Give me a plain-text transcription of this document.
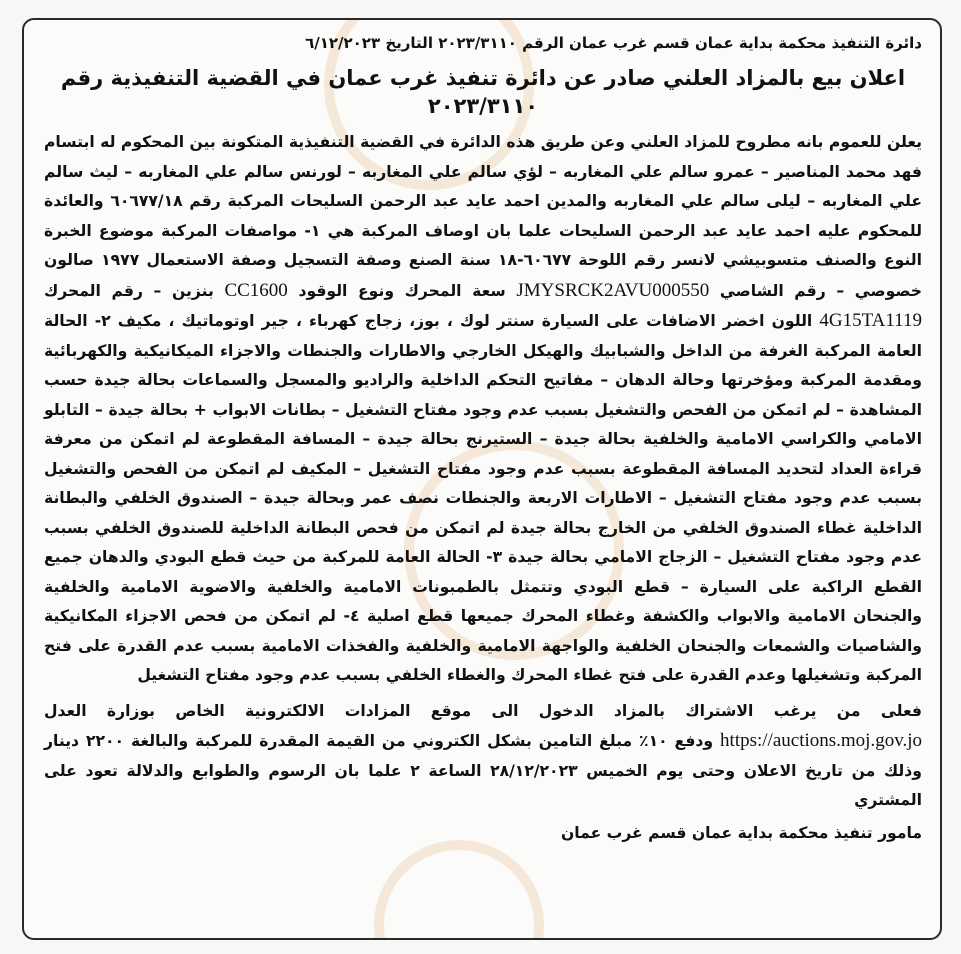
دائرة التنفيذ محكمة بداية عمان قسم غرب عمان الرقم ٢٠٢٣/٣١١٠ التاريخ ٦/١٢/٢٠٢٣

اعلان بيع بالمزاد العلني صادر عن دائرة تنفيذ غرب عمان في القضية التنفيذية رقم ٢٠٢٣/٣١١٠

يعلن للعموم بانه مطروح للمزاد العلني وعن طريق هذه الدائرة في القضية التنفيذية المتكونة بين المحكوم له ابتسام فهد محمد المناصير – عمرو سالم علي المغاربه – لؤي سالم علي المغاربه – لورنس سالم علي المغاربه – ليث سالم علي المغاربه – ليلى سالم علي المغاربه والمدين احمد عايد عبد الرحمن السليحات المركبة رقم ٦٠٦٧٧/١٨ والعائدة للمحكوم عليه احمد عايد عبد الرحمن السليحات علما بان اوصاف المركبة هي ١- مواصفات المركبة موضوع الخبرة النوع والصنف متسوبيشي لانسر رقم اللوحة ٦٠٦٧٧-١٨ سنة الصنع وصفة التسجيل وصفة الاستعمال ١٩٧٧ صالون خصوصي – رقم الشاصي JMYSRCK2AVU000550 سعة المحرك ونوع الوقود CC1600 بنزين – رقم المحرك 4G15TA1119 اللون اخضر الاضافات على السيارة سنتر لوك ، بوز، زجاج كهرباء ، جير اوتوماتيك ، مكيف ٢- الحالة العامة المركبة الغرفة من الداخل والشبابيك والهيكل الخارجي والاطارات والجنطات والاجزاء الميكانيكية والكهربائية ومقدمة المركبة ومؤخرتها وحالة الدهان – مفاتيح التحكم الداخلية والراديو والمسجل والسماعات بحالة جيدة حسب المشاهدة – لم اتمكن من الفحص والتشغيل بسبب عدم وجود مفتاح التشغيل – بطانات الابواب + بحالة جيدة – التابلو الامامي والكراسي الامامية والخلفية بحالة جيدة – الستيرنج بحالة جيدة – المسافة المقطوعة لم اتمكن من معرفة قراءة العداد لتحديد المسافة المقطوعة بسبب عدم وجود مفتاح التشغيل – المكيف لم اتمكن من الفحص والتشغيل بسبب عدم وجود مفتاح التشغيل – الاطارات الاربعة والجنطات نصف عمر وبحالة جيدة – الصندوق الخلفي والبطانة الداخلية غطاء الصندوق الخلفي من الخارج بحالة جيدة لم اتمكن من فحص البطانة الداخلية للصندوق الخلفي بسبب عدم وجود مفتاح التشغيل – الزجاج الامامي بحالة جيدة ٣- الحالة العامة للمركبة من حيث قطع البودي والدهان جميع القطع الراكبة على السيارة – قطع البودي وتتمثل بالطمبونات الامامية والخلفية والاضوية الامامية والخلفية والجنحان الامامية والابواب والكشفة وغطاء المحرك جميعها قطع اصلية ٤- لم اتمكن من فحص الاجزاء المكانيكية والشاصيات والشمعات والجنحان الخلفية والواجهة الامامية والخلفية والفخذات الامامية بسبب عدم القدرة على فتح المركبة وتشغيلها وعدم القدرة على فتح غطاء المحرك والغطاء الخلفي بسبب عدم وجود مفتاح التشغيل

فعلى من يرغب الاشتراك بالمزاد الدخول الى موقع المزادات الالكترونية الخاص بوزارة العدل https://auctions.moj.gov.jo ودفع ١٠٪ مبلغ التامين بشكل الكتروني من القيمة المقدرة للمركبة والبالغة ٢٢٠٠ دينار وذلك من تاريخ الاعلان وحتى يوم الخميس ٢٨/١٢/٢٠٢٣ الساعة ٢ علما بان الرسوم والطوابع والدلالة تعود على المشتري

مامور تنفيذ محكمة بداية عمان قسم غرب عمان
